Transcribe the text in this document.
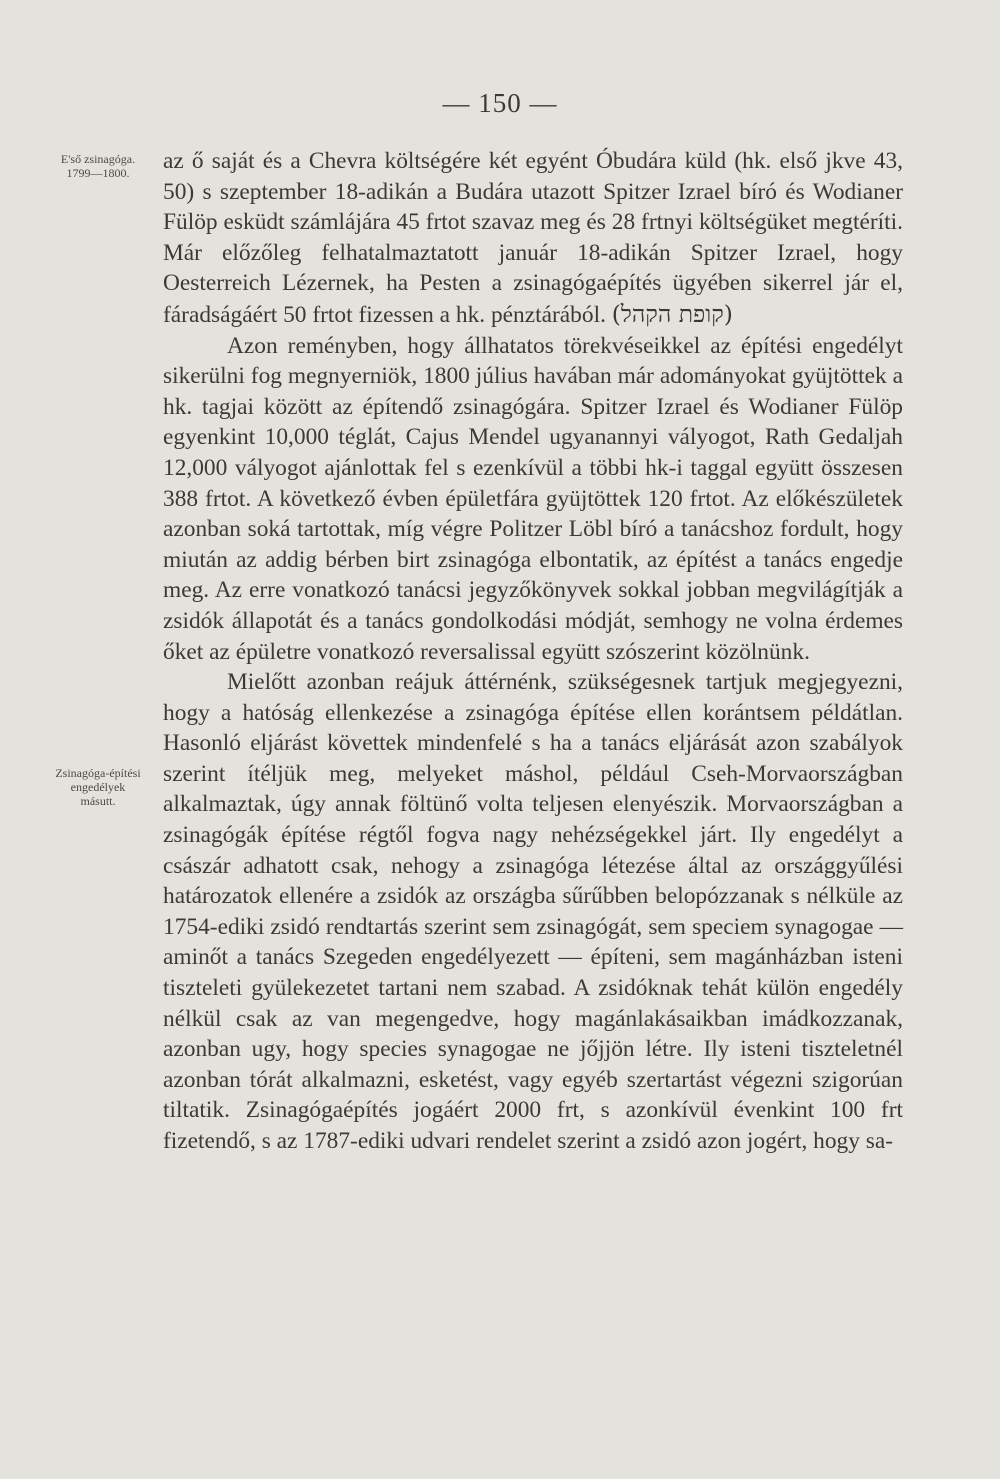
— 150 —
E'ső zsinagóga.
1799—1800.
Zsinagóga-építési
engedélyek
másutt.

az ő saját és a Chevra költségére két egyént Óbudára küld (hk. első jkve 43, 50) s szeptember 18-adikán a Budára utazott Spitzer Izrael bíró és Wodianer Fülöp esküdt számlájára 45 frtot szavaz meg és 28 frtnyi költségüket megtéríti. Már előzőleg felhatalmaztatott január 18-adikán Spitzer Izrael, hogy Oesterreich Lézernek, ha Pesten a zsinagógaépítés ügyében sikerrel jár el, fáradságáért 50 frtot fizessen a hk. pénztárából. (קופת הקהל)

Azon reményben, hogy állhatatos törekvéseikkel az építési engedélyt sikerülni fog megnyerniök, 1800 július havában már adományokat gyüjtöttek a hk. tagjai között az építendő zsinagógára. Spitzer Izrael és Wodianer Fülöp egyenkint 10,000 téglát, Cajus Mendel ugyanannyi vályogot, Rath Gedaljah 12,000 vályogot ajánlottak fel s ezenkívül a többi hk-i taggal együtt összesen 388 frtot. A következő évben épületfára gyüjtöttek 120 frtot. Az előkészületek azonban soká tartottak, míg végre Politzer Löbl bíró a tanácshoz fordult, hogy miután az addig bérben birt zsinagóga elbontatik, az építést a tanács engedje meg. Az erre vonatkozó tanácsi jegyzőkönyvek sokkal jobban megvilágítják a zsidók állapotát és a tanács gondolkodási módját, semhogy ne volna érdemes őket az épületre vonatkozó reversalissal együtt szószerint közölnünk.

Mielőtt azonban reájuk áttérnénk, szükségesnek tartjuk megjegyezni, hogy a hatóság ellenkezése a zsinagóga építése ellen korántsem példátlan. Hasonló eljárást követtek mindenfelé s ha a tanács eljárását azon szabályok szerint ítéljük meg, melyeket máshol, például Cseh-Morvaországban alkalmaztak, úgy annak föltünő volta teljesen elenyészik. Morvaországban a zsinagógák építése régtől fogva nagy nehézségekkel járt. Ily engedélyt a császár adhatott csak, nehogy a zsinagóga létezése által az országgyűlési határozatok ellenére a zsidók az országba sűrűbben belopózzanak s nélküle az 1754-ediki zsidó rendtartás szerint sem zsinagógát, sem speciem synagogae — aminőt a tanács Szegeden engedélyezett — építeni, sem magánházban isteni tiszteleti gyülekezetet tartani nem szabad. A zsidóknak tehát külön engedély nélkül csak az van megengedve, hogy magánlakásaikban imádkozzanak, azonban ugy, hogy species synagogae ne jőjjön létre. Ily isteni tiszteletnél azonban tórát alkalmazni, esketést, vagy egyéb szertartást végezni szigorúan tiltatik. Zsinagógaépítés jogáért 2000 frt, s azonkívül évenkint 100 frt fizetendő, s az 1787-ediki udvari rendelet szerint a zsidó azon jogért, hogy sa-
